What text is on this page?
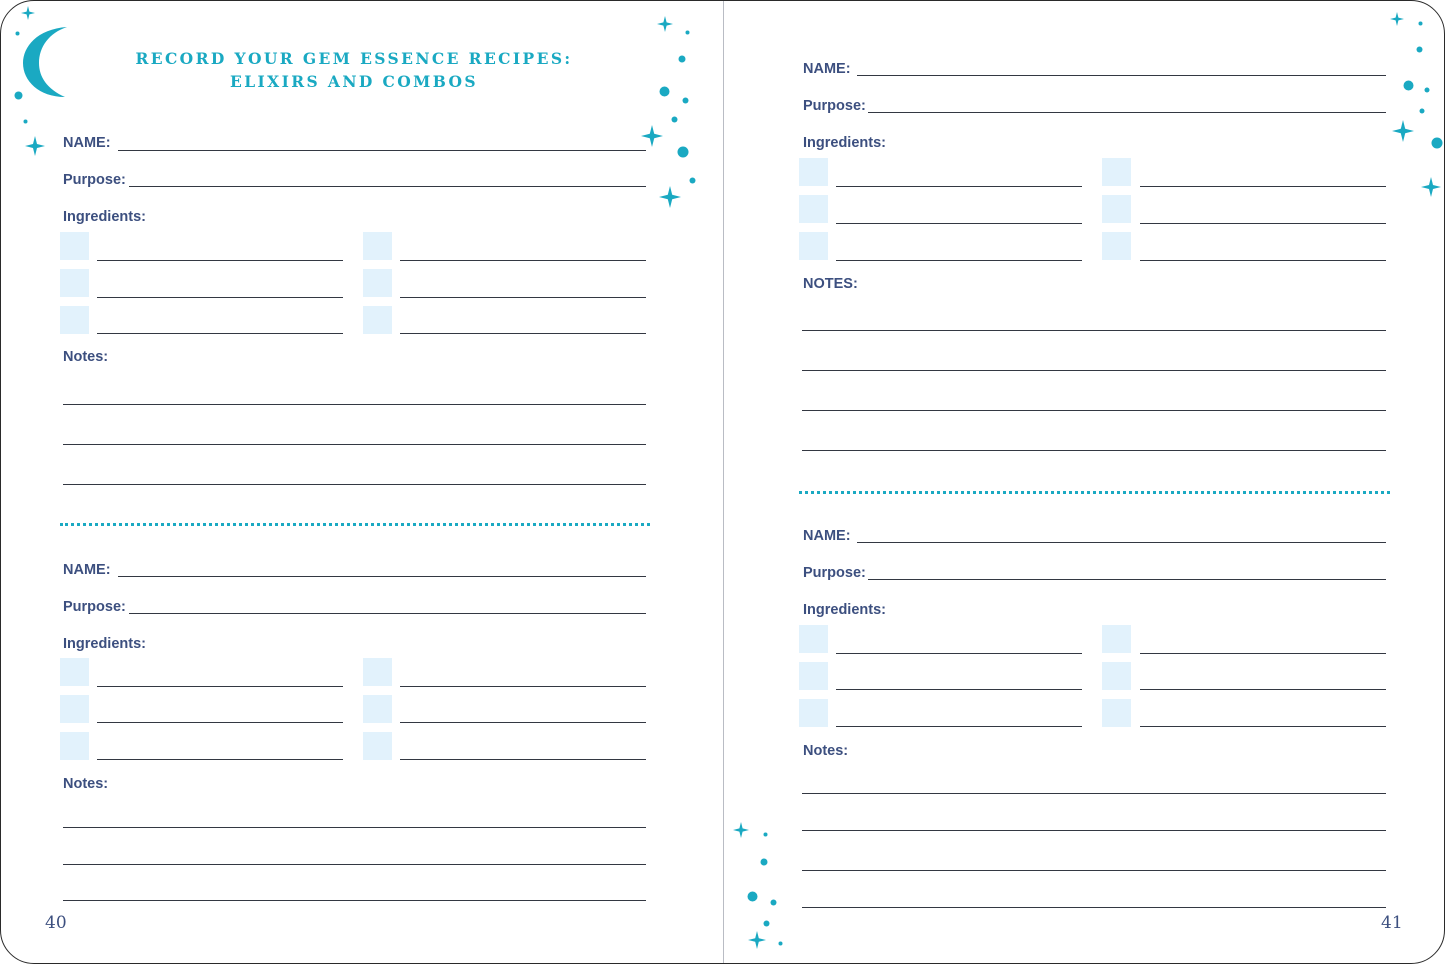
RECORD YOUR GEM ESSENCE RECIPES:
ELIXIRS AND COMBOS
NAME:
Purpose:
Ingredients:
Notes:
NAME:
Purpose:
Ingredients:
Notes:
40
NAME:
Purpose:
Ingredients:
NOTES:
NAME:
Purpose:
Ingredients:
Notes:
41
